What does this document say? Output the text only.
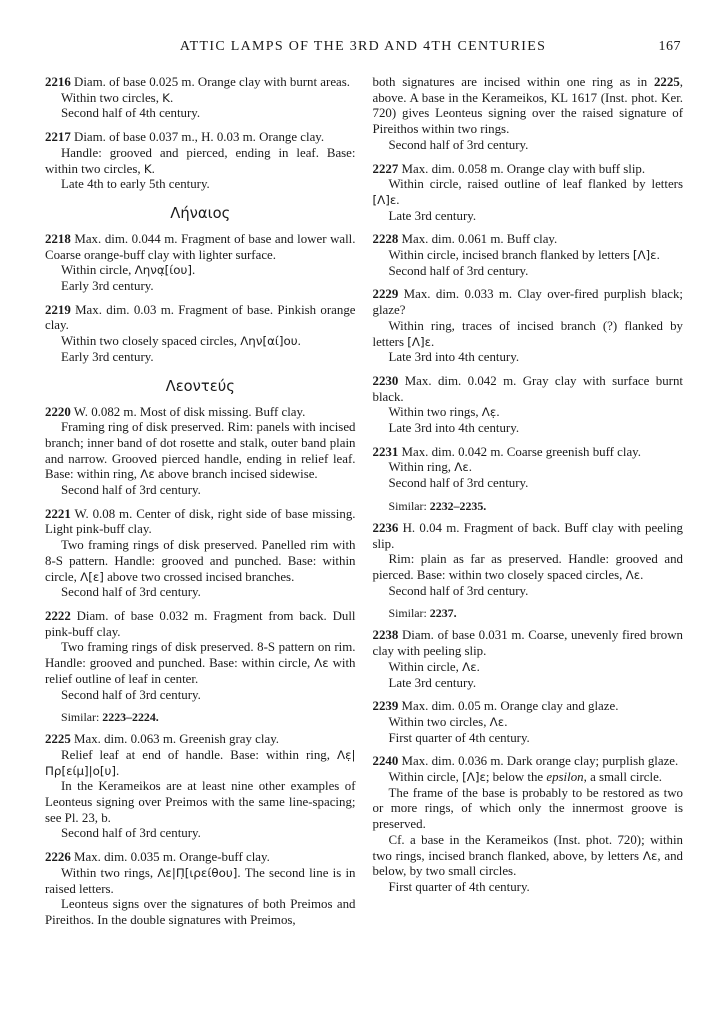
ATTIC LAMPS OF THE 3RD AND 4TH CENTURIES	167

2216 Diam. of base 0.025 m. Orange clay with burnt areas.

Within two circles, K.

Second half of 4th century.

2217 Diam. of base 0.037 m., H. 0.03 m. Orange clay.

Handle: grooved and pierced, ending in leaf. Base: within two circles, K.

Late 4th to early 5th century.

Λήναιος

2218 Max. dim. 0.044 m. Fragment of base and lower wall. Coarse orange-buff clay with lighter surface.

Within circle, Ληνα̣[ίου].

Early 3rd century.

2219 Max. dim. 0.03 m. Fragment of base. Pinkish orange clay.

Within two closely spaced circles, Λην[αί]ου.

Early 3rd century.

Λεοντεύς

2220 W. 0.082 m. Most of disk missing. Buff clay.

Framing ring of disk preserved. Rim: panels with incised branch; inner band of dot rosette and stalk, outer band plain and narrow. Grooved pierced handle, ending in relief leaf. Base: within ring, Λε above branch incised sidewise.

Second half of 3rd century.

2221 W. 0.08 m. Center of disk, right side of base missing. Light pink-buff clay.

Two framing rings of disk preserved. Panelled rim with 8-S pattern. Handle: grooved and punched. Base: within circle, Λ[ε] above two crossed incised branches.

Second half of 3rd century.

2222 Diam. of base 0.032 m. Fragment from back. Dull pink-buff clay.

Two framing rings of disk preserved. 8-S pattern on rim. Handle: grooved and punched. Base: within circle, Λε with relief outline of leaf in center.

Second half of 3rd century.

Similar: 2223–2224.

2225 Max. dim. 0.063 m. Greenish gray clay.

Relief leaf at end of handle. Base: within ring, Λε̣|Πρ[είμ]|ο[υ].

In the Kerameikos are at least nine other examples of Leonteus signing over Preimos with the same line-spacing; see Pl. 23, b.

Second half of 3rd century.

2226 Max. dim. 0.035 m. Orange-buff clay.

Within two rings, Λε|Π̣[ιρείθου]. The second line is in raised letters.

Leonteus signs over the signatures of both Preimos and Pireithos. In the double signatures with Preimos,

both signatures are incised within one ring as in 2225, above. A base in the Kerameikos, KL 1617 (Inst. phot. Ker. 720) gives Leonteus signing over the raised signature of Pireithos within two rings.

Second half of 3rd century.

2227 Max. dim. 0.058 m. Orange clay with buff slip.

Within circle, raised outline of leaf flanked by letters [Λ]ε.

Late 3rd century.

2228 Max. dim. 0.061 m. Buff clay.

Within circle, incised branch flanked by letters [Λ]ε.

Second half of 3rd century.

2229 Max. dim. 0.033 m. Clay over-fired purplish black; glaze?

Within ring, traces of incised branch (?) flanked by letters [Λ]ε.

Late 3rd into 4th century.

2230 Max. dim. 0.042 m. Gray clay with surface burnt black.

Within two rings, Λε̣.

Late 3rd into 4th century.

2231 Max. dim. 0.042 m. Coarse greenish buff clay.

Within ring, Λε.

Second half of 3rd century.

Similar: 2232–2235.

2236 H. 0.04 m. Fragment of back. Buff clay with peeling slip.

Rim: plain as far as preserved. Handle: grooved and pierced. Base: within two closely spaced circles, Λε.

Second half of 3rd century.

Similar: 2237.

2238 Diam. of base 0.031 m. Coarse, unevenly fired brown clay with peeling slip.

Within circle, Λε.

Late 3rd century.

2239 Max. dim. 0.05 m. Orange clay and glaze.

Within two circles, Λε.

First quarter of 4th century.

2240 Max. dim. 0.036 m. Dark orange clay; purplish glaze.

Within circle, [Λ]ε; below the epsilon, a small circle.

The frame of the base is probably to be restored as two or more rings, of which only the innermost groove is preserved.

Cf. a base in the Kerameikos (Inst. phot. 720); within two rings, incised branch flanked, above, by letters Λε, and below, by two small circles.

First quarter of 4th century.
